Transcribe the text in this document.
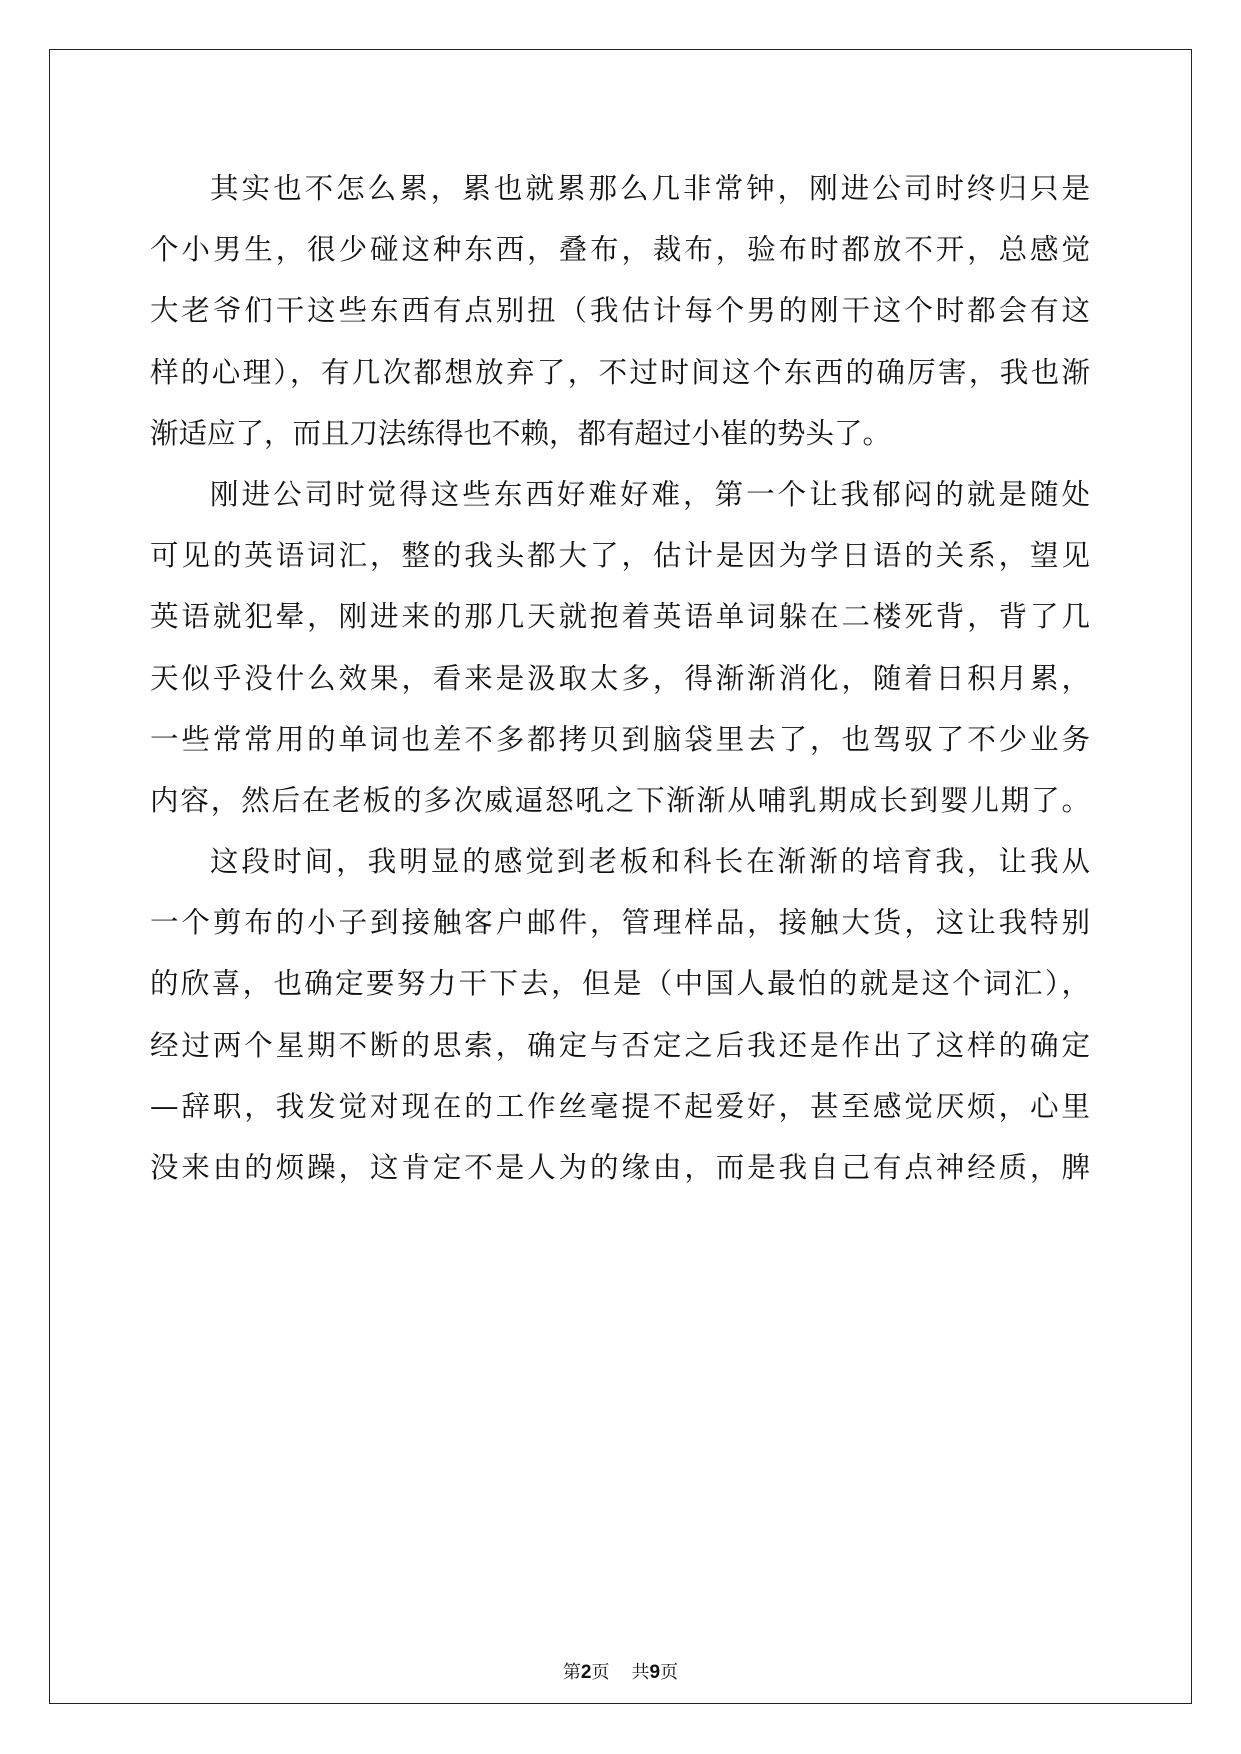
其实也不怎么累，累也就累那么几非常钟，刚进公司时终归只是
个小男生，很少碰这种东西，叠布，裁布，验布时都放不开，总感觉
大老爷们干这些东西有点别扭（我估计每个男的刚干这个时都会有这
样的心理），有几次都想放弃了，不过时间这个东西的确厉害，我也渐
渐适应了，而且刀法练得也不赖，都有超过小崔的势头了。
刚进公司时觉得这些东西好难好难，第一个让我郁闷的就是随处
可见的英语词汇，整的我头都大了，估计是因为学日语的关系，望见
英语就犯晕，刚进来的那几天就抱着英语单词躲在二楼死背，背了几
天似乎没什么效果，看来是汲取太多，得渐渐消化，随着日积月累，
一些常常用的单词也差不多都拷贝到脑袋里去了，也驾驭了不少业务
内容，然后在老板的多次威逼怒吼之下渐渐从哺乳期成长到婴儿期了。
这段时间，我明显的感觉到老板和科长在渐渐的培育我，让我从
一个剪布的小子到接触客户邮件，管理样品，接触大货，这让我特别
的欣喜，也确定要努力干下去，但是（中国人最怕的就是这个词汇），
经过两个星期不断的思索，确定与否定之后我还是作出了这样的确定
—辞职，我发觉对现在的工作丝毫提不起爱好，甚至感觉厌烦，心里
没来由的烦躁，这肯定不是人为的缘由，而是我自己有点神经质，脾
第2页 共9页
